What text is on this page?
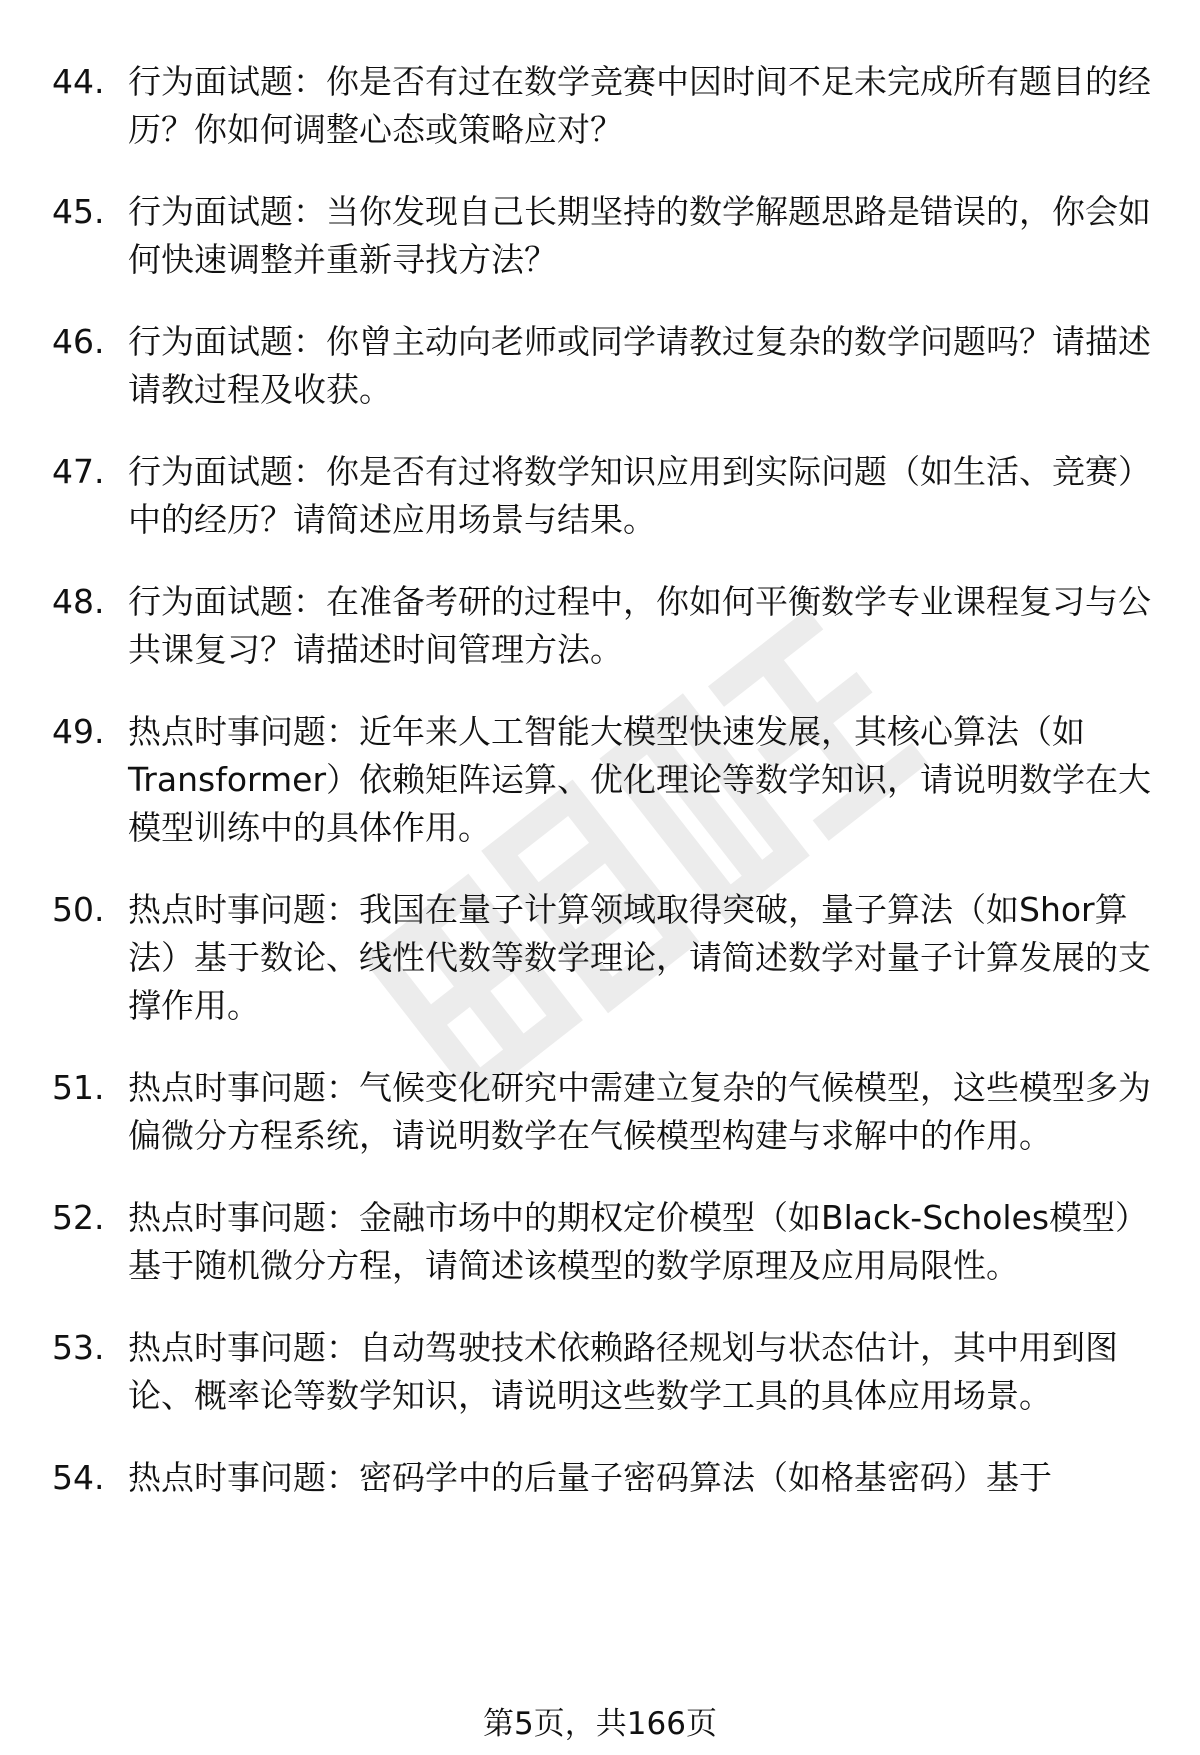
44. 行为面试题：你是否有过在数学竞赛中因时间不足未完成所有题目的经历？你如何调整心态或策略应对？
45. 行为面试题：当你发现自己长期坚持的数学解题思路是错误的，你会如何快速调整并重新寻找方法？
46. 行为面试题：你曾主动向老师或同学请教过复杂的数学问题吗？请描述请教过程及收获。
47. 行为面试题：你是否有过将数学知识应用到实际问题（如生活、竞赛）中的经历？请简述应用场景与结果。
48. 行为面试题：在准备考研的过程中，你如何平衡数学专业课程复习与公共课复习？请描述时间管理方法。
49. 热点时事问题：近年来人工智能大模型快速发展，其核心算法（如Transformer）依赖矩阵运算、优化理论等数学知识，请说明数学在大模型训练中的具体作用。
50. 热点时事问题：我国在量子计算领域取得突破，量子算法（如Shor算法）基于数论、线性代数等数学理论，请简述数学对量子计算发展的支撑作用。
51. 热点时事问题：气候变化研究中需建立复杂的气候模型，这些模型多为偏微分方程系统，请说明数学在气候模型构建与求解中的作用。
52. 热点时事问题：金融市场中的期权定价模型（如Black-Scholes模型）基于随机微分方程，请简述该模型的数学原理及应用局限性。
53. 热点时事问题：自动驾驶技术依赖路径规划与状态估计，其中用到图论、概率论等数学知识，请说明这些数学工具的具体应用场景。
54. 热点时事问题：密码学中的后量子密码算法（如格基密码）基于
第5页，共166页
